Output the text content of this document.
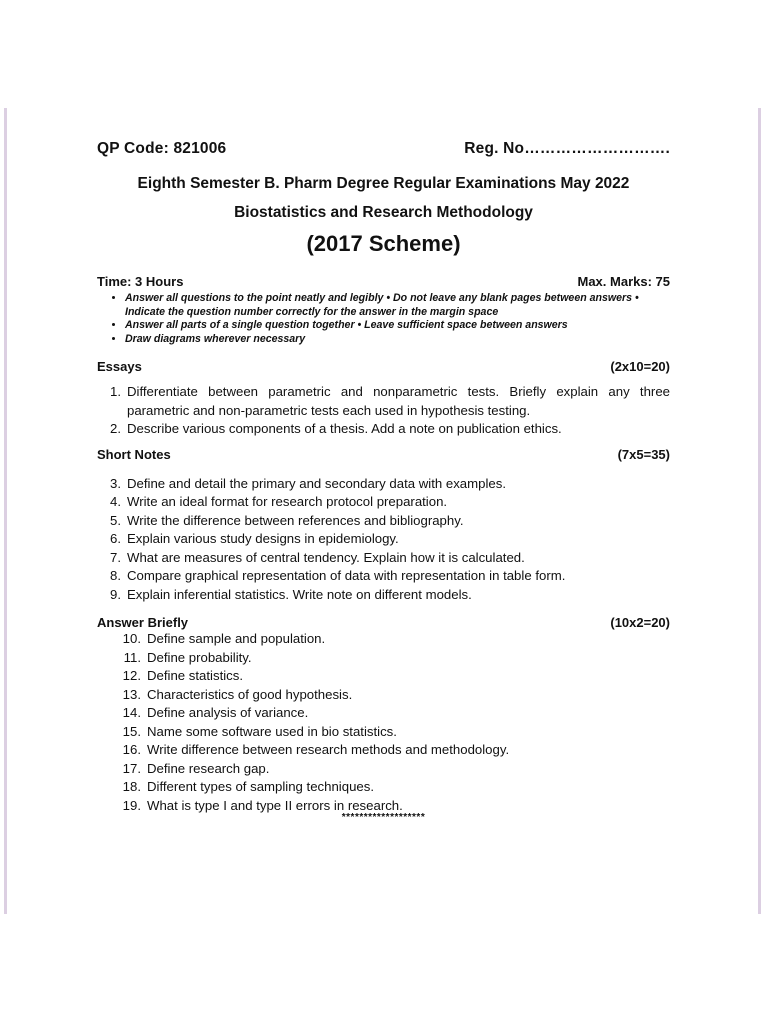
QP Code: 821006	Reg. No……………………….
Eighth Semester B. Pharm Degree Regular Examinations May 2022
Biostatistics and Research Methodology
(2017 Scheme)
Time: 3 Hours	Max. Marks: 75
• Answer all questions to the point neatly and legibly • Do not leave any blank pages between answers • Indicate the question number correctly for the answer in the margin space
• Answer all parts of a single question together • Leave sufficient space between answers
• Draw diagrams wherever necessary
Essays	(2x10=20)
1. Differentiate between parametric and nonparametric tests. Briefly explain any three parametric and non-parametric tests each used in hypothesis testing.
2. Describe various components of a thesis. Add a note on publication ethics.
Short Notes	(7x5=35)
3. Define and detail the primary and secondary data with examples.
4. Write an ideal format for research protocol preparation.
5. Write the difference between references and bibliography.
6. Explain various study designs in epidemiology.
7. What are measures of central tendency. Explain how it is calculated.
8. Compare graphical representation of data with representation in table form.
9. Explain inferential statistics. Write note on different models.
Answer Briefly	(10x2=20)
10. Define sample and population.
11. Define probability.
12. Define statistics.
13. Characteristics of good hypothesis.
14. Define analysis of variance.
15. Name some software used in bio statistics.
16. Write difference between research methods and methodology.
17. Define research gap.
18. Different types of sampling techniques.
19. What is type I and type II errors in research.
*******************
